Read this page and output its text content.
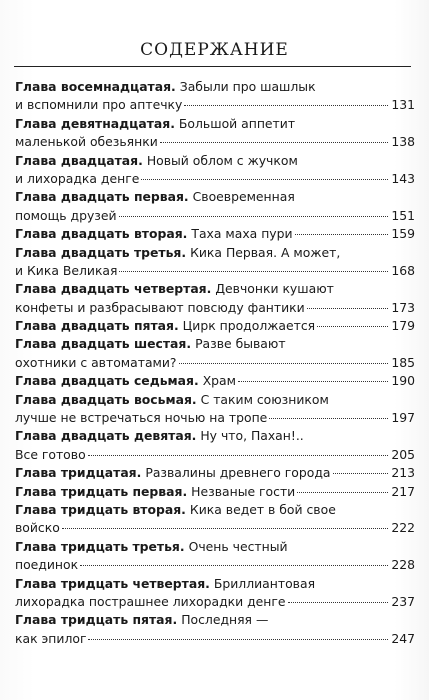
СОДЕРЖАНИЕ
Глава восемнадцатая. Забыли про шашлык
и вспомнили про аптечку	131
Глава девятнадцатая. Большой аппетит
маленькой обезьянки	138
Глава двадцатая. Новый облом с жучком
и лихорадка денге	143
Глава двадцать первая. Своевременная
помощь друзей	151
Глава двадцать вторая. Таха маха пури	159
Глава двадцать третья. Кика Первая. А может,
и Кика Великая	168
Глава двадцать четвертая. Девчонки кушают
конфеты и разбрасывают повсюду фантики	173
Глава двадцать пятая. Цирк продолжается	179
Глава двадцать шестая. Разве бывают
охотники с автоматами?	185
Глава двадцать седьмая. Храм	190
Глава двадцать восьмая. С таким союзником
лучше не встречаться ночью на тропе	197
Глава двадцать девятая. Ну что, Пахан!..
Все готово	205
Глава тридцатая. Развалины древнего города	213
Глава тридцать первая. Незваные гости	217
Глава тридцать вторая. Кика ведет в бой свое
войско	222
Глава тридцать третья. Очень честный
поединок	228
Глава тридцать четвертая. Бриллиантовая
лихорадка пострашнее лихорадки денге	237
Глава тридцать пятая. Последняя —
как эпилог	247
